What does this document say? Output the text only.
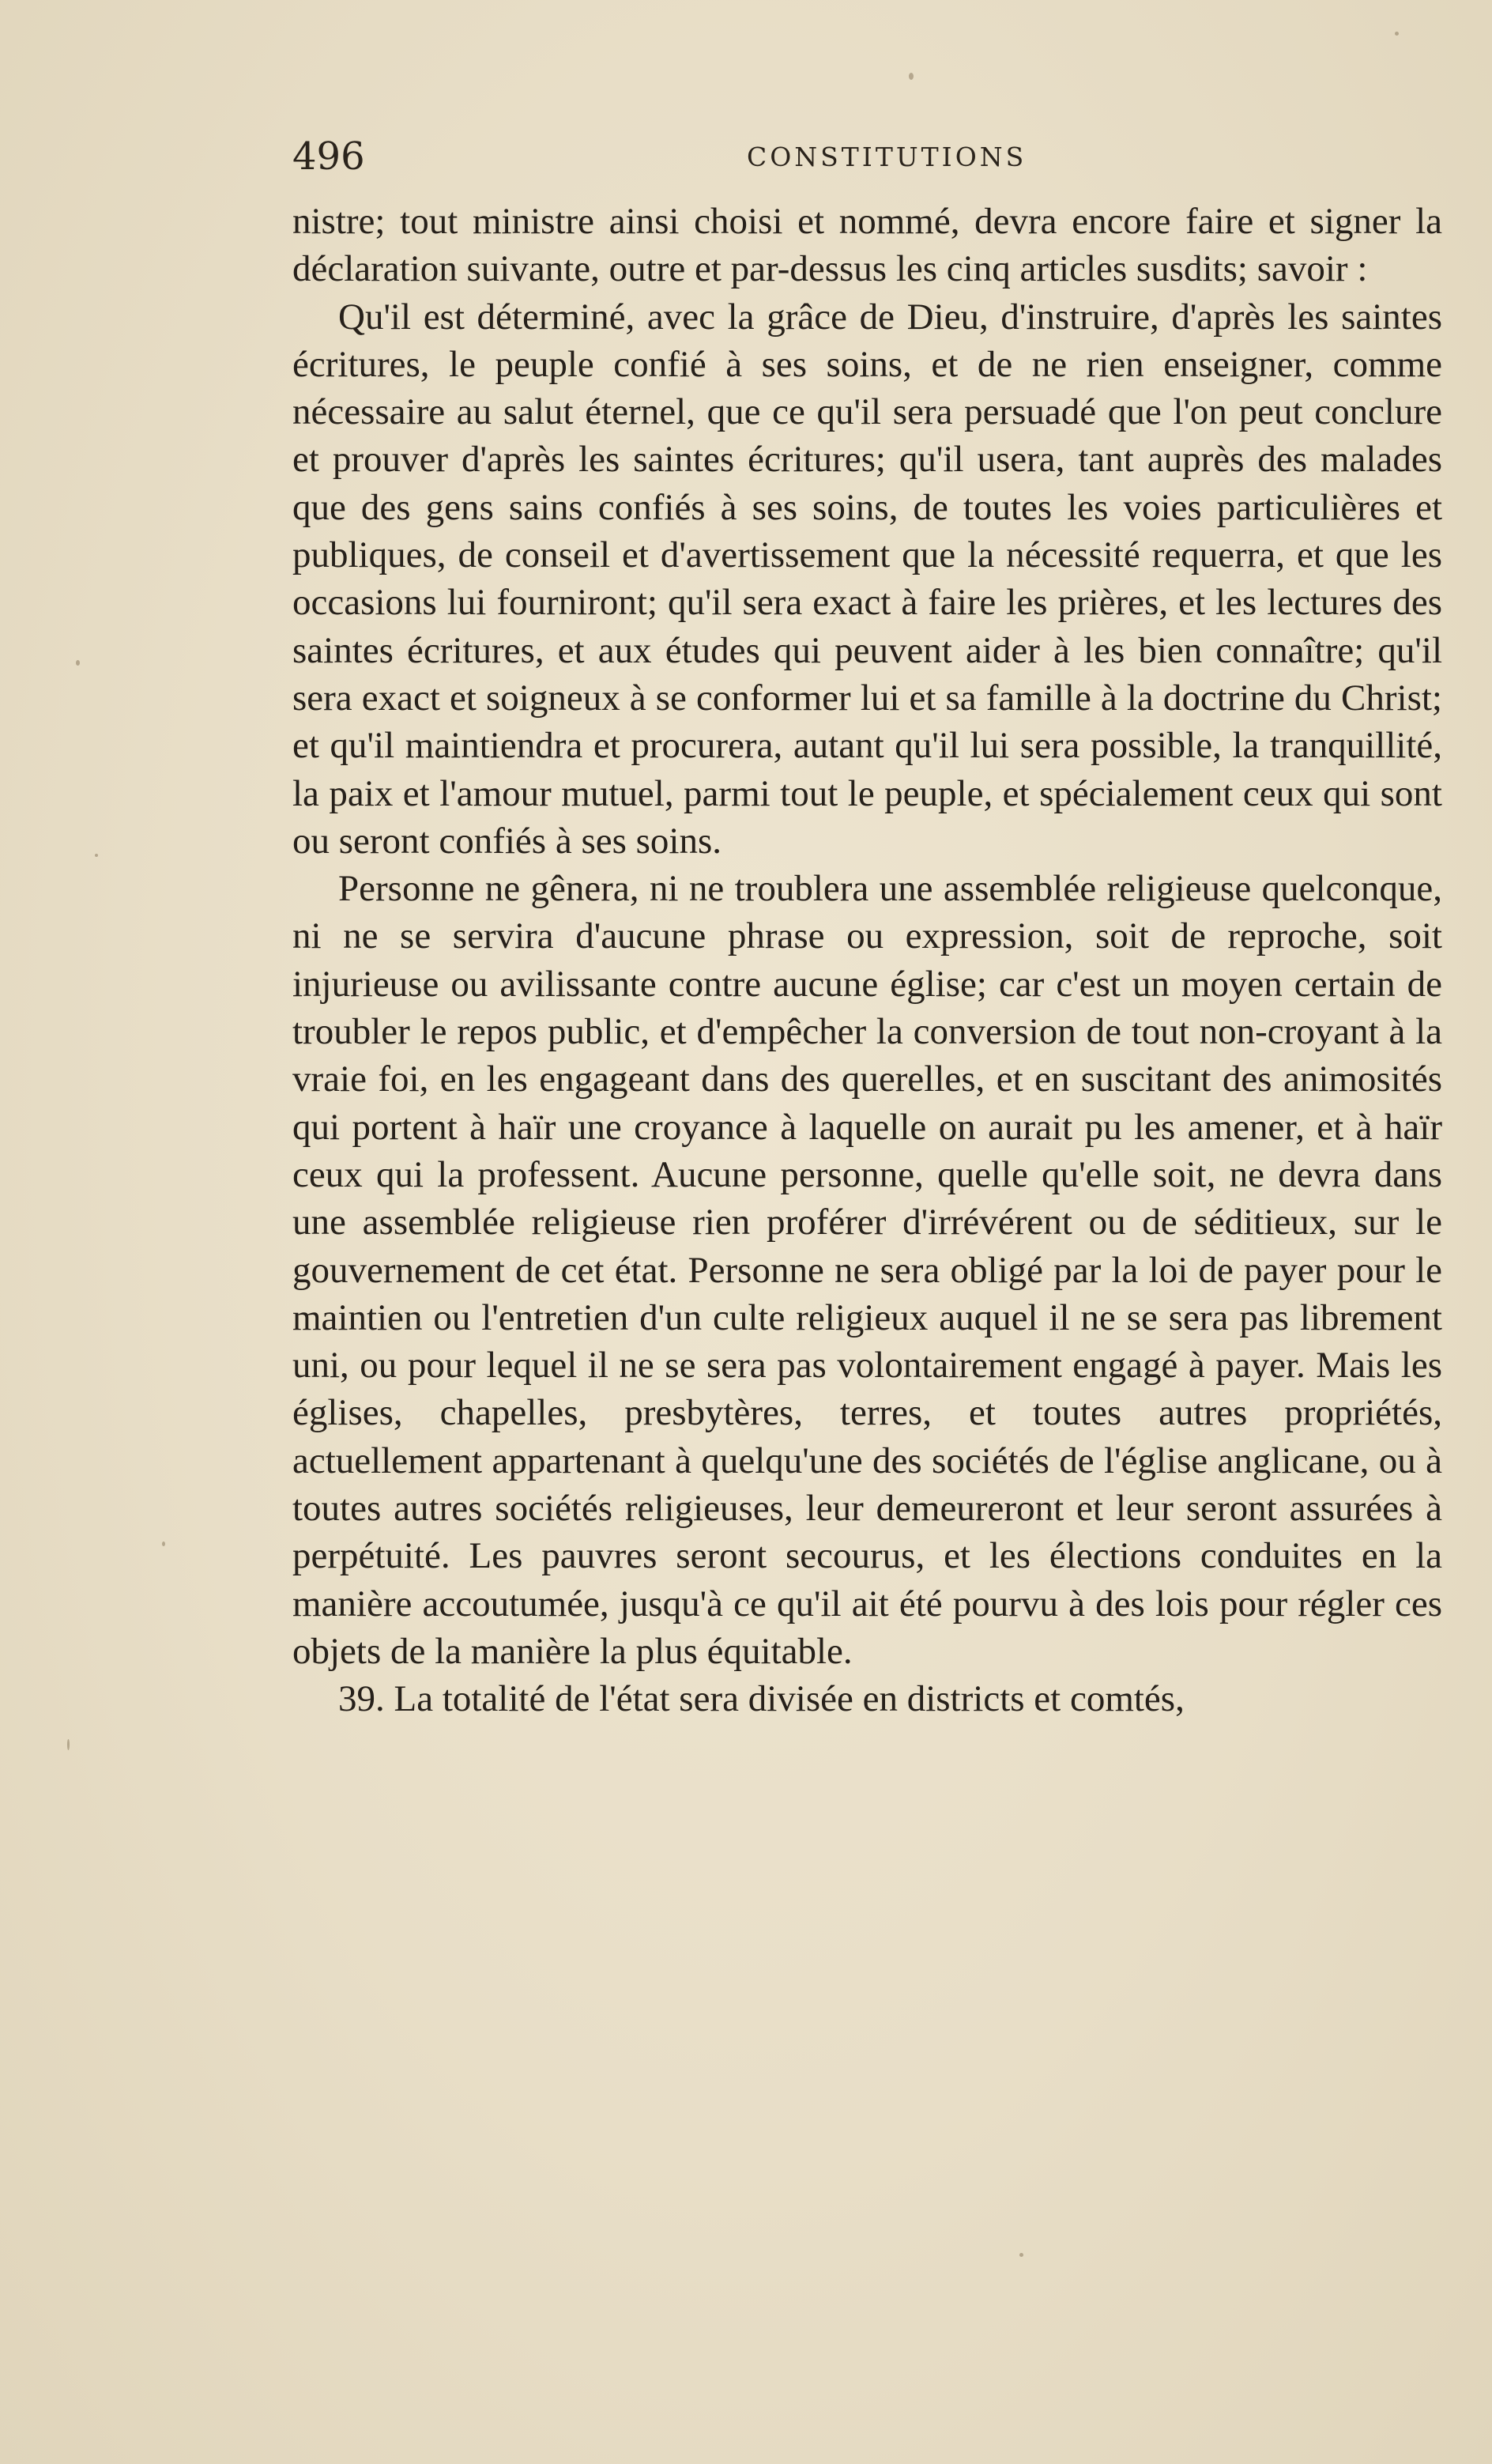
496	CONSTITUTIONS

nistre; tout ministre ainsi choisi et nommé, devra encore faire et signer la déclaration suivante, outre et par-dessus les cinq articles susdits; savoir :

Qu'il est déterminé, avec la grâce de Dieu, d'instruire, d'après les saintes écritures, le peuple confié à ses soins, et de ne rien enseigner, comme nécessaire au salut éternel, que ce qu'il sera persuadé que l'on peut conclure et prouver d'après les saintes écritures; qu'il usera, tant auprès des malades que des gens sains confiés à ses soins, de toutes les voies particulières et publiques, de conseil et d'avertissement que la nécessité requerra, et que les occasions lui fourniront; qu'il sera exact à faire les prières, et les lectures des saintes écritures, et aux études qui peuvent aider à les bien connaître; qu'il sera exact et soigneux à se conformer lui et sa famille à la doctrine du Christ; et qu'il maintiendra et procurera, autant qu'il lui sera possible, la tranquillité, la paix et l'amour mutuel, parmi tout le peuple, et spécialement ceux qui sont ou seront confiés à ses soins.

Personne ne gênera, ni ne troublera une assemblée religieuse quelconque, ni ne se servira d'aucune phrase ou expression, soit de reproche, soit injurieuse ou avilissante contre aucune église; car c'est un moyen certain de troubler le repos public, et d'empêcher la conversion de tout non-croyant à la vraie foi, en les engageant dans des querelles, et en suscitant des animosités qui portent à haïr une croyance à laquelle on aurait pu les amener, et à haïr ceux qui la professent. Aucune personne, quelle qu'elle soit, ne devra dans une assemblée religieuse rien proférer d'irrévérent ou de séditieux, sur le gouvernement de cet état. Personne ne sera obligé par la loi de payer pour le maintien ou l'entretien d'un culte religieux auquel il ne se sera pas librement uni, ou pour lequel il ne se sera pas volontairement engagé à payer. Mais les églises, chapelles, presbytères, terres, et toutes autres propriétés, actuellement appartenant à quelqu'une des sociétés de l'église anglicane, ou à toutes autres sociétés religieuses, leur demeureront et leur seront assurées à perpétuité. Les pauvres seront secourus, et les élections conduites en la manière accoutumée, jusqu'à ce qu'il ait été pourvu à des lois pour régler ces objets de la manière la plus équitable.

39. La totalité de l'état sera divisée en districts et comtés,
